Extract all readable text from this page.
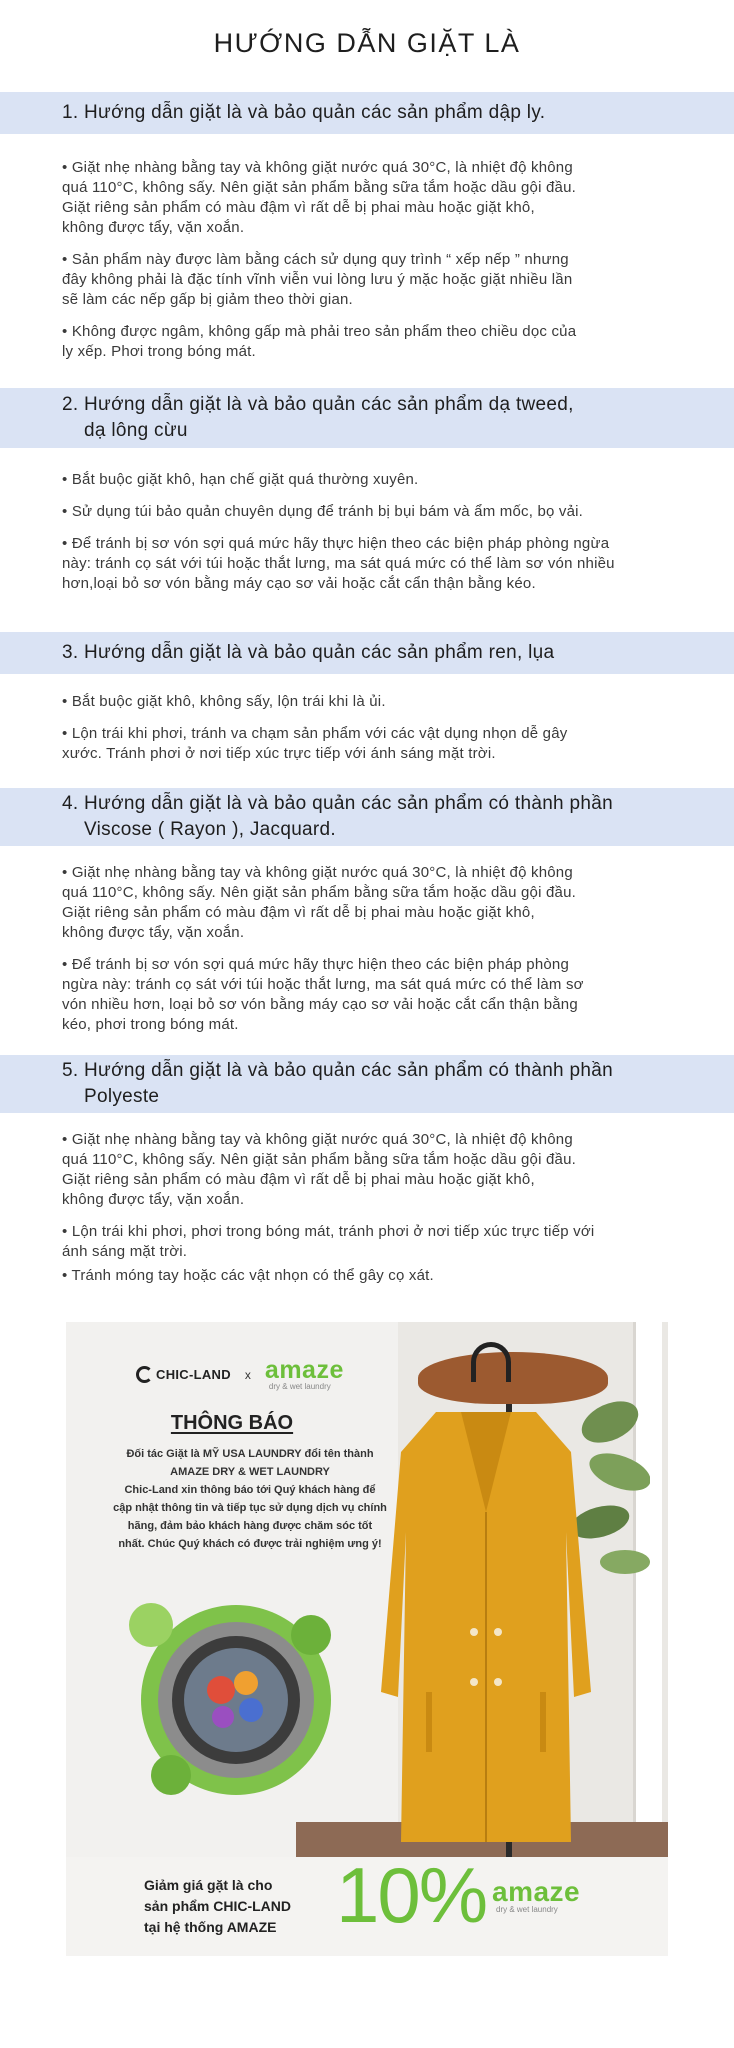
HƯỚNG DẪN GIẶT LÀ
1. Hướng dẫn giặt là và bảo quản các sản phẩm dập ly.
• Giặt nhẹ nhàng bằng tay và không giặt nước quá 30°C, là nhiệt độ không
quá 110°C, không sấy. Nên giặt sản phẩm bằng sữa tắm hoặc dầu gội đầu.
Giặt riêng sản phẩm có màu đậm vì rất dễ bị phai màu hoặc giặt khô,
không được tẩy, vặn xoắn.
• Sản phẩm này được làm bằng cách sử dụng quy trình “ xếp nếp ” nhưng
đây không phải là đặc tính vĩnh viễn vui lòng lưu ý mặc hoặc giặt nhiều lần
sẽ làm các nếp gấp bị giảm theo thời gian.
• Không được ngâm, không gấp mà phải treo sản phẩm theo chiều dọc của
ly xếp. Phơi trong bóng mát.
2. Hướng dẫn giặt là và bảo quản các sản phẩm dạ tweed,
dạ lông cừu
• Bắt buộc giặt khô, hạn chế giặt quá thường xuyên.
• Sử dụng túi bảo quản chuyên dụng để tránh bị bụi bám và ẩm mốc, bọ vải.
• Để tránh bị sơ vón sợi quá mức hãy thực hiện theo các biện pháp phòng ngừa
này: tránh cọ sát với túi hoặc thắt lưng, ma sát quá mức có thể làm sơ vón nhiều
hơn,loại bỏ sơ vón bằng máy cạo sơ vải hoặc cắt cẩn thận bằng kéo.
3. Hướng dẫn giặt là và bảo quản các sản phẩm ren, lụa
• Bắt buộc giặt khô, không sấy, lộn trái khi là ủi.
• Lộn trái khi phơi, tránh va chạm sản phẩm với các vật dụng nhọn dễ gây
xước. Tránh phơi ở nơi tiếp xúc trực tiếp với ánh sáng mặt trời.
4. Hướng dẫn giặt là và bảo quản các sản phẩm có thành phần
Viscose ( Rayon ), Jacquard.
• Giặt nhẹ nhàng bằng tay và không giặt nước quá 30°C, là nhiệt độ không
quá 110°C, không sấy. Nên giặt sản phẩm bằng sữa tắm hoặc dầu gội đầu.
Giặt riêng sản phẩm có màu đậm vì rất dễ bị phai màu hoặc giặt khô,
không được tẩy, vặn xoắn.
• Để tránh bị sơ vón sợi quá mức hãy thực hiện theo các biện pháp phòng
ngừa này: tránh cọ sát với túi hoặc thắt lưng, ma sát quá mức có thể làm sơ
vón nhiều hơn, loại bỏ sơ vón bằng máy cạo sơ vải hoặc cắt cẩn thận bằng
kéo, phơi trong bóng mát.
5. Hướng dẫn giặt là và bảo quản các sản phẩm có thành phần
Polyeste
• Giặt nhẹ nhàng bằng tay và không giặt nước quá 30°C, là nhiệt độ không
quá 110°C, không sấy. Nên giặt sản phẩm bằng sữa tắm hoặc dầu gội đầu.
Giặt riêng sản phẩm có màu đậm vì rất dễ bị phai màu hoặc giặt khô,
không được tẩy, vặn xoắn.
• Lộn trái khi phơi, phơi trong bóng mát, tránh phơi ở nơi tiếp xúc trực tiếp với
ánh sáng mặt trời.
• Tránh móng tay hoặc các vật nhọn có thể gây cọ xát.
CHIC-LAND x amaze
dry & wet laundry
THÔNG BÁO
Đối tác Giặt là MỸ USA LAUNDRY đổi tên thành
AMAZE DRY & WET LAUNDRY
Chic-Land xin thông báo tới Quý khách hàng để
cập nhật thông tin và tiếp tục sử dụng dịch vụ chính
hãng, đảm bảo khách hàng được chăm sóc tốt
nhất. Chúc Quý khách có được trải nghiệm ưng ý!
Giảm giá gặt là cho
sản phẩm CHIC-LAND
tại hệ thống AMAZE 10% amaze
dry & wet laundry
